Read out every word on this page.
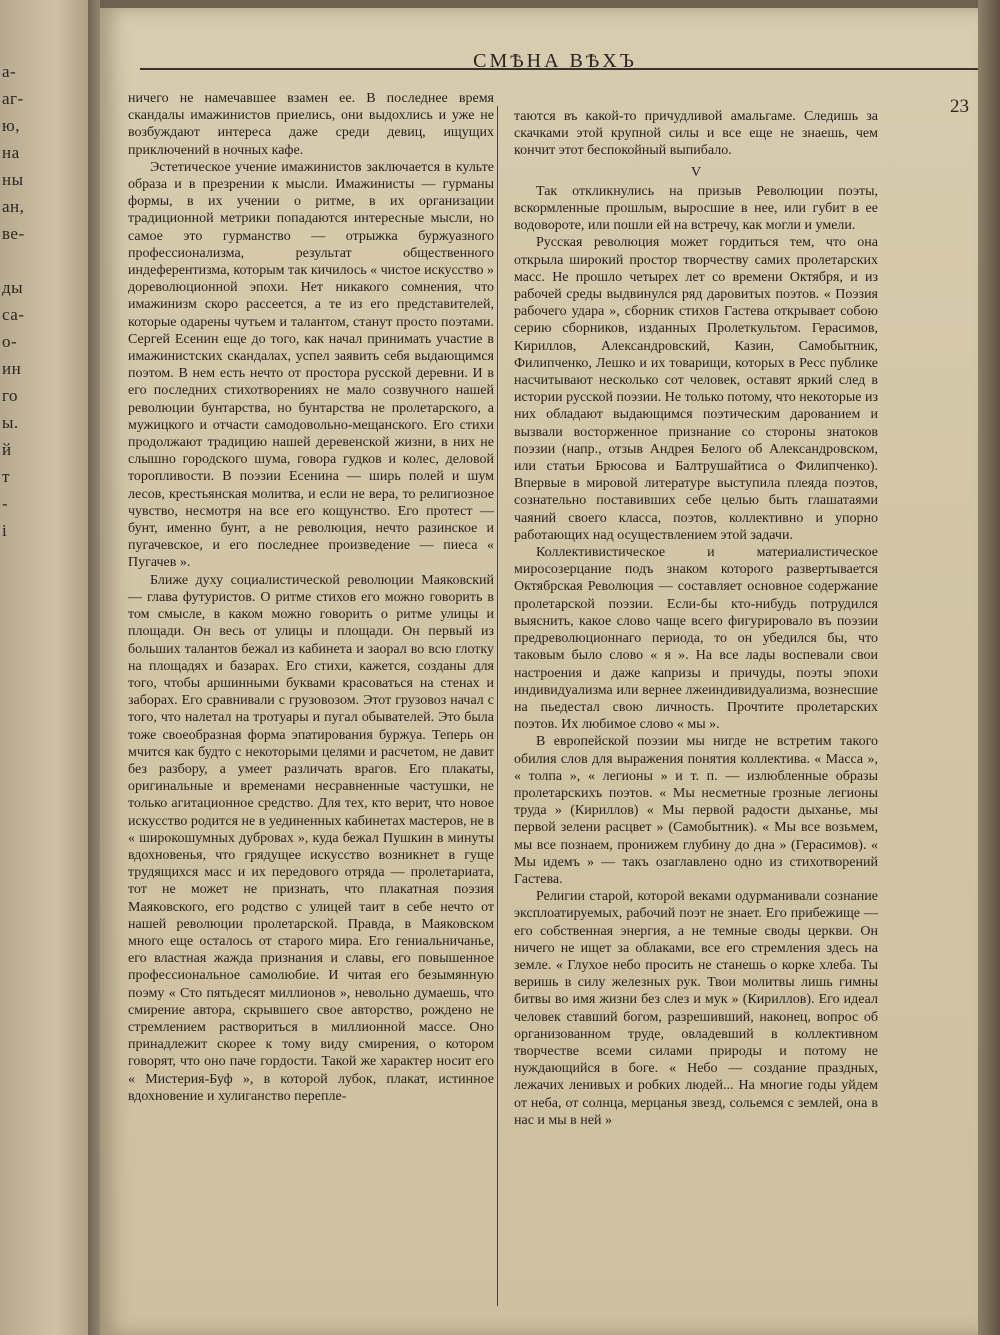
а-
аг-
ю,
на
ны
ан,
ве-

ды
са-
о-
ин
го
ы.
й
т
-
i
СМѢНА ВѢХЪ
23

ничего не намечавшее взамен ее. В последнее время скандалы имажинистов приелись, они выдохлись и уже не возбуждают интереса даже среди девиц, ищущих приключений в ночных кафе.

Эстетическое учение имажинистов заключается в культе образа и в презрении к мысли. Имажинисты — гурманы формы, в их учении о ритме, в их организации традиционной метрики попадаются интересные мысли, но самое это гурманство — отрыжка буржуазного профессионализма, результат общественного индеферентизма, которым так кичилось « чистое искусство » дореволюционной эпохи. Нет никакого сомнения, что имажинизм скоро рассеется, а те из его представителей, которые одарены чутьем и талантом, станут просто поэтами. Сергей Есенин еще до того, как начал принимать участие в имажинистских скандалах, успел заявить себя выдающимся поэтом. В нем есть нечто от простора русской деревни. И в его последних стихотворениях не мало созвучного нашей революции бунтарства, но бунтарства не пролетарского, а мужицкого и отчасти самодовольно-мещанского. Его стихи продолжают традицию нашей деревенской жизни, в них не слышно городского шума, говора гудков и колес, деловой торопливости. В поэзии Есенина — ширь полей и шум лесов, крестьянская молитва, и если не вера, то религиозное чувство, несмотря на все его кощунство. Его протест — бунт, именно бунт, а не революция, нечто разинское и пугачевское, и его последнее произведение — пиеса « Пугачев ».

Ближе духу социалистической революции Маяковский — глава футуристов. О ритме стихов его можно говорить в том смысле, в каком можно говорить о ритме улицы и площади. Он весь от улицы и площади. Он первый из больших талантов бежал из кабинета и заорал во всю глотку на площадях и базарах. Его стихи, кажется, созданы для того, чтобы аршинными буквами красоваться на стенах и заборах. Его сравнивали с грузовозом. Этот грузовоз начал с того, что налетал на тротуары и пугал обывателей. Это была тоже своеобразная форма эпатирования буржуа. Теперь он мчится как будто с некоторыми целями и расчетом, не давит без разбору, а умеет различать врагов. Его плакаты, оригинальные и временами несравненные частушки, не только агитационное средство. Для тех, кто верит, что новое искусство родится не в уединенных кабинетах мастеров, не в « широкошумных дубровах », куда бежал Пушкин в минуты вдохновенья, что грядущее искусство возникнет в гуще трудящихся масс и их передового отряда — пролетариата, тот не может не признать, что плакатная поэзия Маяковского, его родство с улицей таит в себе нечто от нашей революции пролетарской. Правда, в Маяковском много еще осталось от старого мира. Его гениальничанье, его властная жажда признания и славы, его повышенное профессиональное самолюбие. И читая его безымянную поэму « Сто пятьдесят миллионов », невольно думаешь, что смирение автора, скрывшего свое авторство, рождено не стремлением раствориться в миллионной массе. Оно принадлежит скорее к тому виду смирения, о котором говорят, что оно паче гордости. Такой же характер носит его « Мистерия-Буф », в которой лубок, плакат, истинное вдохновение и хулиганство перепле-

таются въ какой-то причудливой амальгаме. Следишь за скачками этой крупной силы и все еще не знаешь, чем кончит этот беспокойный выпибало.

V

Так откликнулись на призыв Революции поэты, вскормленные прошлым, выросшие в нее, или губит в ее водовороте, или пошли ей на встречу, как могли и умели.

Русская революция может гордиться тем, что она открыла широкий простор творчеству самих пролетарских масс. Не прошло четырех лет со времени Октября, и из рабочей среды выдвинулся ряд даровитых поэтов. « Поэзия рабочего удара », сборник стихов Гастева открывает собою серию сборников, изданных Пролеткультом. Герасимов, Кириллов, Александровский, Казин, Самобытник, Филипченко, Лешко и их товарищи, которых в Ресс публике насчитывают несколько сот человек, оставят яркий след в истории русской поэзии. Не только потому, что некоторые из них обладают выдающимся поэтическим дарованием и вызвали восторженное признание со стороны знатоков поэзии (напр., отзыв Андрея Белого об Александровском, или статьи Брюсова и Балтрушайтиса о Филипченко). Впервые в мировой литературе выступила плеяда поэтов, сознательно поставивших себе целью быть глашатаями чаяний своего класса, поэтов, коллективно и упорно работающих над осуществлением этой задачи.

Коллективистическое и материалистическое миросозерцание подъ знаком которого развертывается Октябрская Революция — составляет основное содержание пролетарской поэзии. Если-бы кто-нибудь потрудился выяснить, какое слово чаще всего фигурировало въ поэзии предреволюционнаго периода, то он убедился бы, что таковым было слово « я ». На все лады воспевали свои настроения и даже капризы и причуды, поэты эпохи индивидуализма или вернее лжеиндивидуализма, вознесшие на пьедестал свою личность. Прочтите пролетарских поэтов. Их любимое слово « мы ».

В европейской поэзии мы нигде не встретим такого обилия слов для выражения понятия коллектива. « Масса », « толпа », « легионы » и т. п. — излюбленные образы пролетарскихъ поэтов. « Мы несметные грозные легионы труда » (Кириллов) « Мы первой радости дыханье, мы первой зелени расцвет » (Самобытник). « Мы все возьмем, мы все познаем, пронижем глубину до дна » (Герасимов). « Мы идемъ » — такъ озаглавлено одно из стихотворений Гастева.

Религии старой, которой веками одурманивали сознание эксплоатируемых, рабочий поэт не знает. Его прибежище — его собственная энергия, а не темные своды церкви. Он ничего не ищет за облаками, все его стремления здесь на земле. « Глухое небо просить не станешь о корке хлеба. Ты веришь в силу железных рук. Твои молитвы лишь гимны битвы во имя жизни без слез и мук » (Кириллов). Его идеал человек ставший богом, разрешивший, наконец, вопрос об организованном труде, овладевший в коллективном творчестве всеми силами природы и потому не нуждающийся в боге. « Небо — создание праздных, лежачих ленивых и робких людей... На многие годы уйдем от неба, от солнца, мерцанья звезд, сольемся с землей, она в нас и мы в ней »
